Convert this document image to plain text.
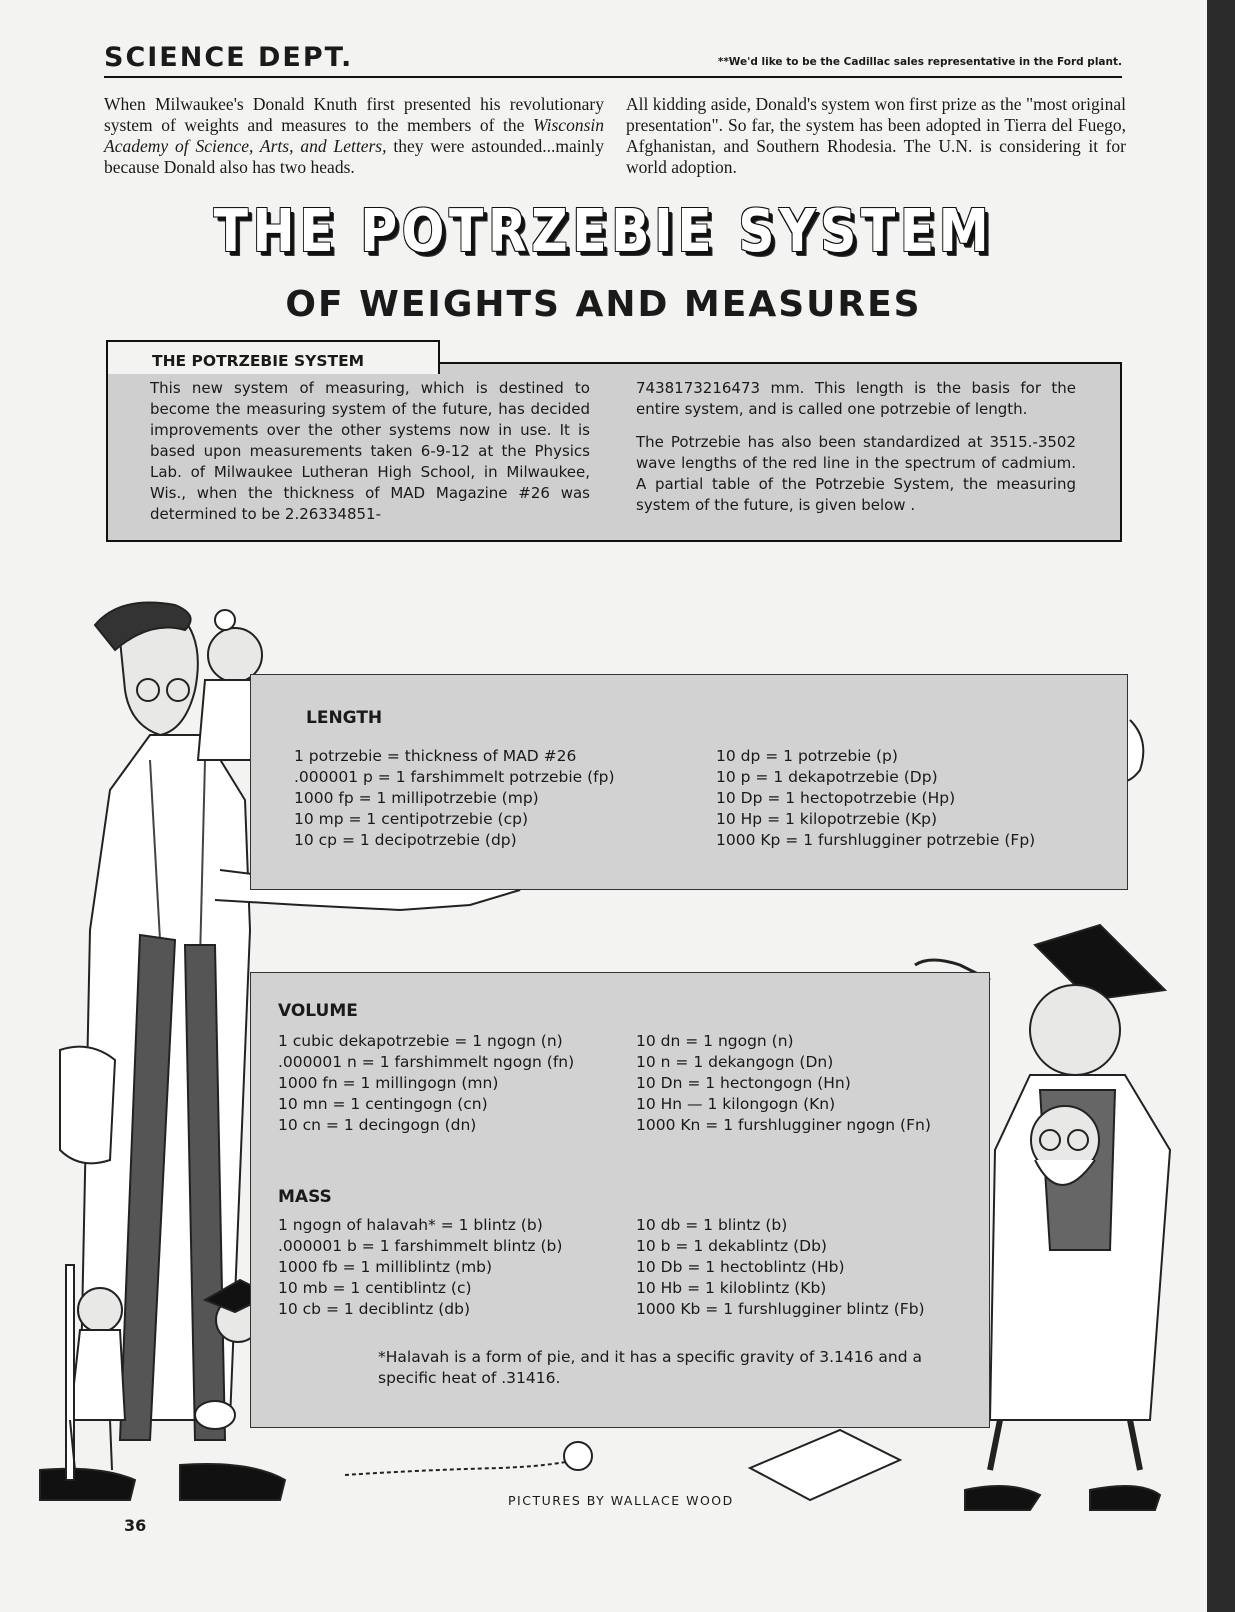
SCIENCE DEPT.	**We'd like to be the Cadillac sales representative in the Ford plant.
When Milwaukee's Donald Knuth first presented his revolutionary system of weights and measures to the members of the Wisconsin Academy of Science, Arts, and Letters, they were astounded...mainly because Donald also has two heads.
All kidding aside, Donald's system won first prize as the "most original presentation". So far, the system has been adopted in Tierra del Fuego, Afghanistan, and Southern Rhodesia. The U.N. is considering it for world adoption.
THE POTRZEBIE SYSTEM
OF WEIGHTS AND MEASURES
THE POTRZEBIE SYSTEM

This new system of measuring, which is destined to become the measuring system of the future, has decided improvements over the other systems now in use. It is based upon measurements taken 6-9-12 at the Physics Lab. of Milwaukee Lutheran High School, in Milwaukee, Wis., when the thickness of MAD Magazine #26 was determined to be 2.26334851-

7438173216473 mm. This length is the basis for the entire system, and is called one potrzebie of length.

The Potrzebie has also been standardized at 3515.-3502 wave lengths of the red line in the spectrum of cadmium. A partial table of the Potrzebie System, the measuring system of the future, is given below .

LENGTH
1 potrzebie = thickness of MAD #26
.000001 p = 1 farshimmelt potrzebie (fp)
1000 fp = 1 millipotrzebie (mp)
10 mp = 1 centipotrzebie (cp)
10 cp = 1 decipotrzebie (dp)
10 dp = 1 potrzebie (p)
10 p = 1 dekapotrzebie (Dp)
10 Dp = 1 hectopotrzebie (Hp)
10 Hp = 1 kilopotrzebie (Kp)
1000 Kp = 1 furshlugginer potrzebie (Fp)
VOLUME
1 cubic dekapotrzebie = 1 ngogn (n)
.000001 n = 1 farshimmelt ngogn (fn)
1000 fn = 1 millingogn (mn)
10 mn = 1 centingogn (cn)
10 cn = 1 decingogn (dn)
10 dn = 1 ngogn (n)
10 n = 1 dekangogn (Dn)
10 Dn = 1 hectongogn (Hn)
10 Hn — 1 kilongogn (Kn)
1000 Kn = 1 furshlugginer ngogn (Fn)
MASS
1 ngogn of halavah* = 1 blintz (b)
.000001 b = 1 farshimmelt blintz (b)
1000 fb = 1 milliblintz (mb)
10 mb = 1 centiblintz (c)
10 cb = 1 deciblintz (db)
10 db = 1 blintz (b)
10 b = 1 dekablintz (Db)
10 Db = 1 hectoblintz (Hb)
10 Hb = 1 kiloblintz (Kb)
1000 Kb = 1 furshlugginer blintz (Fb)
*Halavah is a form of pie, and it has a specific gravity of 3.1416 and a specific heat of .31416.
PICTURES BY WALLACE WOOD
36
